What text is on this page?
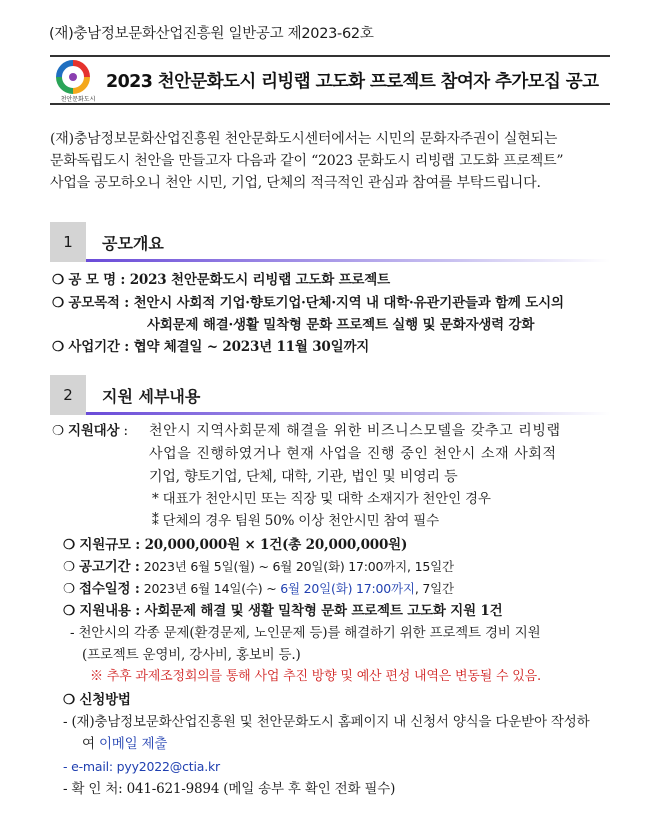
(재)충남정보문화산업진흥원 일반공고 제2023-62호
천안문화도시
2023 천안문화도시 리빙랩 고도화 프로젝트 참여자 추가모집 공고
(재)충남정보문화산업진흥원 천안문화도시센터에서는 시민의 문화자주권이 실현되는
문화독립도시 천안을 만들고자 다음과 같이 “2023 문화도시 리빙랩 고도화 프로젝트”
사업을 공모하오니 천안 시민, 기업, 단체의 적극적인 관심과 참여를 부탁드립니다.
1	공모개요
❍ 공 모 명 : 2023 천안문화도시 리빙랩 고도화 프로젝트
❍ 공모목적 : 천안시 사회적 기업·향토기업·단체·지역 내 대학·유관기관들과 함께 도시의
사회문제 해결·생활 밀착형 문화 프로젝트 실행 및 문화자생력 강화
❍ 사업기간 : 협약 체결일 ~ 2023년 11월 30일까지
2	지원 세부내용
❍ 지원대상 : 천안시 지역사회문제 해결을 위한 비즈니스모델을 갖추고 리빙랩
사업을 진행하였거나 현재 사업을 진행 중인 천안시 소재 사회적
기업, 향토기업, 단체, 대학, 기관, 법인 및 비영리 등
* 대표가 천안시민 또는 직장 및 대학 소재지가 천안인 경우
⁑ 단체의 경우 팀원 50% 이상 천안시민 참여 필수
❍ 지원규모 : 20,000,000원 × 1건(총 20,000,000원)
❍ 공고기간 : 2023년 6월 5일(월) ~ 6월 20일(화) 17:00까지, 15일간
❍ 접수일정 : 2023년 6월 14일(수) ~ 6월 20일(화) 17:00까지, 7일간
❍ 지원내용 : 사회문제 해결 및 생활 밀착형 문화 프로젝트 고도화 지원 1건
- 천안시의 각종 문제(환경문제, 노인문제 등)를 해결하기 위한 프로젝트 경비 지원
(프로젝트 운영비, 강사비, 홍보비 등.)
※ 추후 과제조정회의를 통해 사업 추진 방향 및 예산 편성 내역은 변동될 수 있음.
❍ 신청방법
- (재)충남정보문화산업진흥원 및 천안문화도시 홈페이지 내 신청서 양식을 다운받아 작성하
여 이메일 제출
- e-mail: pyy2022@ctia.kr
- 확 인 처: 041-621-9894 (메일 송부 후 확인 전화 필수)
